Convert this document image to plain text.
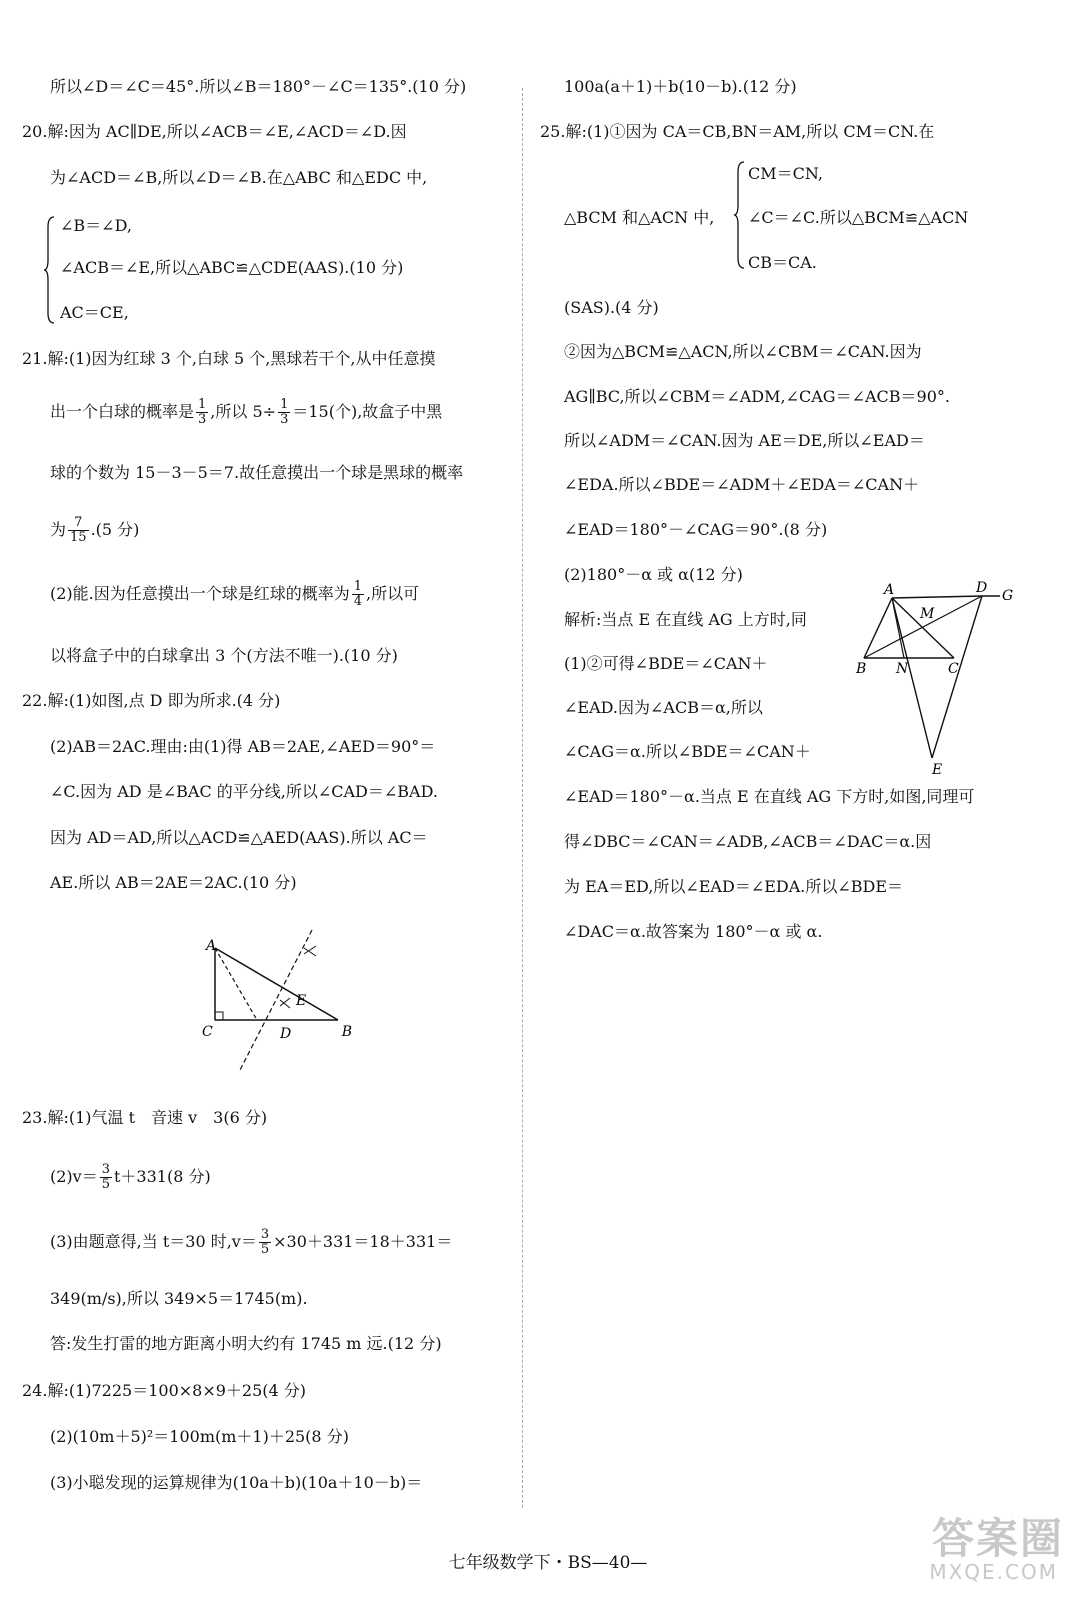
所以∠D＝∠C＝45°.所以∠B＝180°－∠C＝135°.(10 分)
20.解:因为 AC∥DE,所以∠ACB＝∠E,∠ACD＝∠D.因
为∠ACD＝∠B,所以∠D＝∠B.在△ABC 和△EDC 中,
∠B＝∠D,
∠ACB＝∠E,所以△ABC≌△CDE(AAS).(10 分)
AC＝CE,
21.解:(1)因为红球 3 个,白球 5 个,黑球若干个,从中任意摸
出一个白球的概率是 $\frac{1}{3}$ ,所以 $5\div \frac{1}{3} =15$(个),故盒子中黑
球的个数为 15－3－5＝7.故任意摸出一个球是黑球的概率
为 $\frac{7}{15} .(5$ 分)
(2)能.因为任意摸出一个球是红球的概率为 $\frac{1}{4}$ ,所以可
以将盒子中的白球拿出 3 个(方法不唯一).(10 分)
22.解:(1)如图,点 D 即为所求.(4 分)
(2)AB＝2AC.理由:由(1)得 AB＝2AE,∠AED＝90°＝
∠C.因为 AD 是∠BAC 的平分线,所以∠CAD＝∠BAD.
因为 AD＝AD,所以△ACD≌△AED(AAS).所以 AC＝
AE.所以 AB＝2AE＝2AC.(10 分)
A
C	D	B
E
23.解:(1)气温 t　音速 v　3(6 分)
$(2)v= \frac{3}{5} t+331(8$ 分)
(3)由题意得,当 t＝30 时$,v= \frac{3}{5} \times 30+331=18+331=$
349(m/s),所以 349×5＝1745(m).
答:发生打雷的地方距离小明大约有 1745 m 远.(12 分)
24.解:(1)7225＝100×8×9＋25(4 分)
(2)(10m＋5)²＝100m(m＋1)＋25(8 分)
(3)小聪发现的运算规律为(10a＋b)(10a＋10－b)＝
100a(a＋1)＋b(10－b).(12 分)
25.解:(1)①因为 CA＝CB,BN＝AM,所以 CM＝CN.在
△BCM 和△ACN 中,
CM＝CN,
∠C＝∠C.所以△BCM≌△ACN
CB＝CA.
(SAS).(4 分)
②因为△BCM≌△ACN,所以∠CBM＝∠CAN.因为
AG∥BC,所以∠CBM＝∠ADM,∠CAG＝∠ACB＝90°.
所以∠ADM＝∠CAN.因为 AE＝DE,所以∠EAD＝
∠EDA.所以∠BDE＝∠ADM＋∠EDA＝∠CAN＋
∠EAD＝180°－∠CAG＝90°.(8 分)
(2)180°－α 或 α(12 分)
解析:当点 E 在直线 AG 上方时,同
(1)②可得∠BDE＝∠CAN＋
∠EAD.因为∠ACB＝α,所以
∠CAG＝α.所以∠BDE＝∠CAN＋
∠EAD＝180°－α.当点 E 在直线 AG 下方时,如图,同理可
得∠DBC＝∠CAN＝∠ADB,∠ACB＝∠DAC＝α.因
为 EA＝ED,所以∠EAD＝∠EDA.所以∠BDE＝
∠DAC＝α.故答案为 180°－α 或 α.
A	D G
M
B N	C
E
七年级数学下・BS—40—	答案圈
MXQE.COM
